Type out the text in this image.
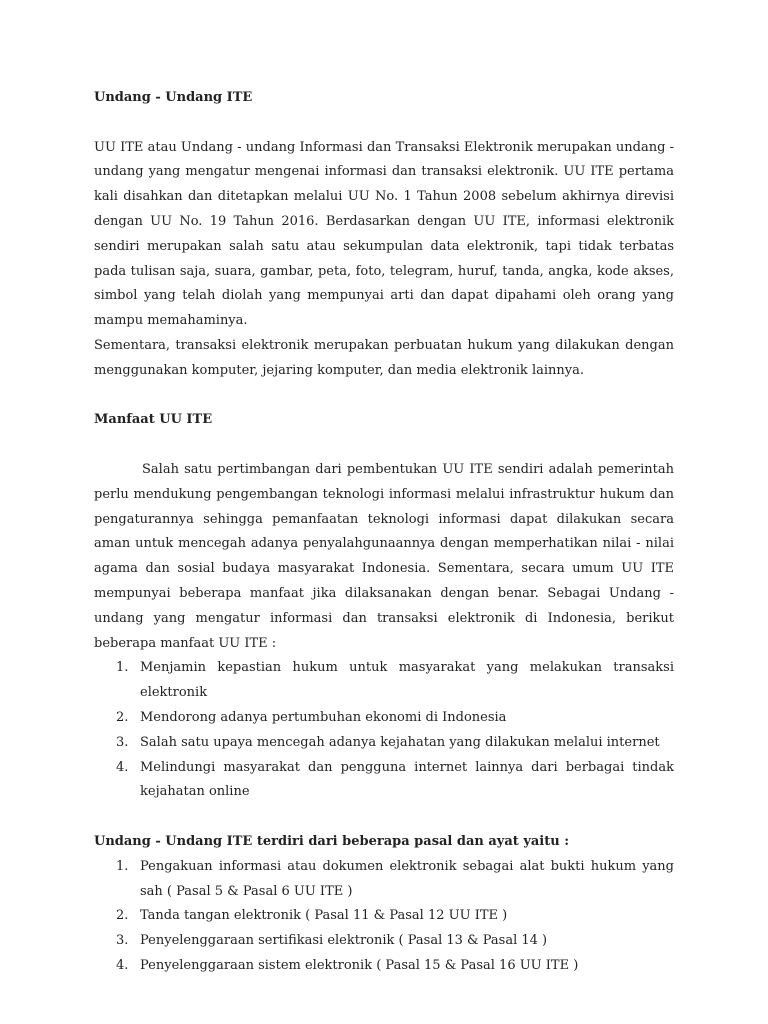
Undang - Undang ITE

UU ITE atau Undang - undang Informasi dan Transaksi Elektronik merupakan undang - undang yang mengatur mengenai informasi dan transaksi elektronik. UU ITE pertama kali disahkan dan ditetapkan melalui UU No. 1 Tahun 2008 sebelum akhirnya direvisi dengan UU No. 19 Tahun 2016. Berdasarkan dengan UU ITE, informasi elektronik sendiri merupakan salah satu atau sekumpulan data elektronik, tapi tidak terbatas pada tulisan saja, suara, gambar, peta, foto, telegram, huruf, tanda, angka, kode akses, simbol yang telah diolah yang mempunyai arti dan dapat dipahami oleh orang yang mampu memahaminya.

Sementara, transaksi elektronik merupakan perbuatan hukum yang dilakukan dengan menggunakan komputer, jejaring komputer, dan media elektronik lainnya.

Manfaat UU ITE

Salah satu pertimbangan dari pembentukan UU ITE sendiri adalah pemerintah perlu mendukung pengembangan teknologi informasi melalui infrastruktur hukum dan pengaturannya sehingga pemanfaatan teknologi informasi dapat dilakukan secara aman untuk mencegah adanya penyalahgunaannya dengan memperhatikan nilai - nilai agama dan sosial budaya masyarakat Indonesia. Sementara, secara umum UU ITE mempunyai beberapa manfaat jika dilaksanakan dengan benar. Sebagai Undang - undang yang mengatur informasi dan transaksi elektronik di Indonesia, berikut beberapa manfaat UU ITE :

1. Menjamin kepastian hukum untuk masyarakat yang melakukan transaksi elektronik
2. Mendorong adanya pertumbuhan ekonomi di Indonesia
3. Salah satu upaya mencegah adanya kejahatan yang dilakukan melalui internet
4. Melindungi masyarakat dan pengguna internet lainnya dari berbagai tindak kejahatan online
Undang - Undang ITE terdiri dari beberapa pasal dan ayat yaitu :
1. Pengakuan informasi atau dokumen elektronik sebagai alat bukti hukum yang sah ( Pasal 5 & Pasal 6 UU ITE )
2. Tanda tangan elektronik ( Pasal 11 & Pasal 12 UU ITE )
3. Penyelenggaraan sertifikasi elektronik ( Pasal 13 & Pasal 14 )
4. Penyelenggaraan sistem elektronik ( Pasal 15 & Pasal 16 UU ITE )
